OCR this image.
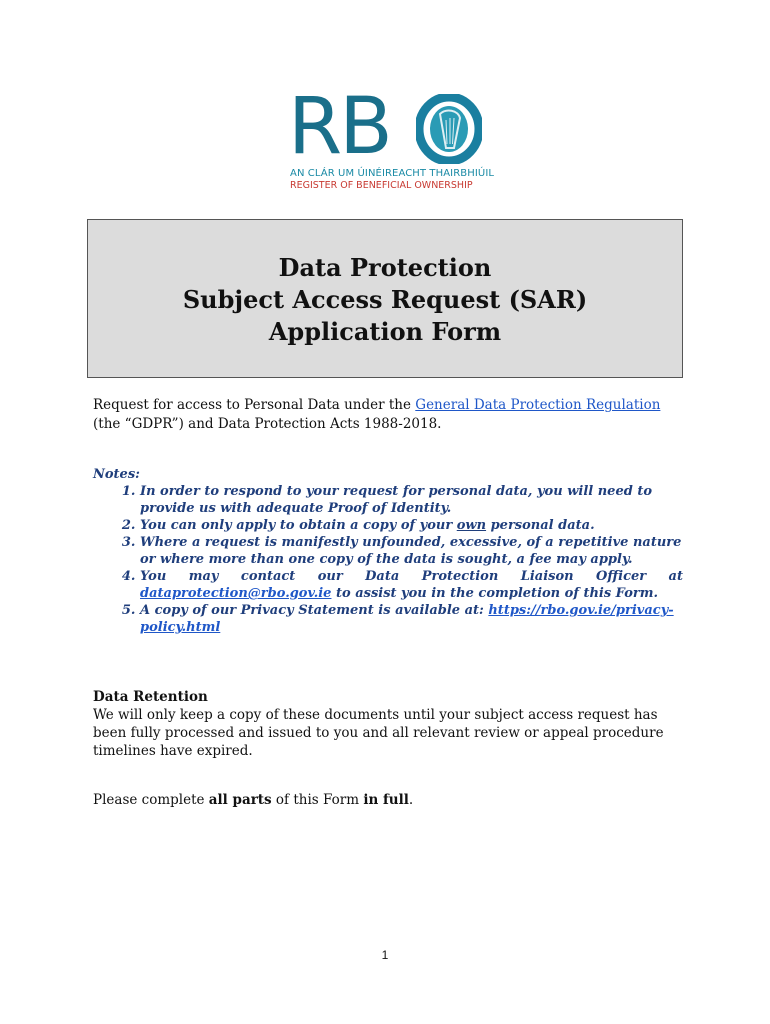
RB
AN CLÁR UM ÚINÉIREACHT THAIRBHIÚIL
REGISTER OF BENEFICIAL OWNERSHIP
Data Protection
Subject Access Request (SAR)
Application Form
Request for access to Personal Data under the General Data Protection Regulation (the “GDPR”) and Data Protection Acts 1988-2018.
Notes:
1. In order to respond to your request for personal data, you will need to provide us with adequate Proof of Identity.
2. You can only apply to obtain a copy of your own personal data.
3. Where a request is manifestly unfounded, excessive, of a repetitive nature or where more than one copy of the data is sought, a fee may apply.
4. You may contact our Data Protection Liaison Officer at
dataprotection@rbo.gov.ie to assist you in the completion of this Form.
5. A copy of our Privacy Statement is available at: https://rbo.gov.ie/privacy-policy.html
Data Retention
We will only keep a copy of these documents until your subject access request has been fully processed and issued to you and all relevant review or appeal procedure timelines have expired.
Please complete all parts of this Form in full.
1
